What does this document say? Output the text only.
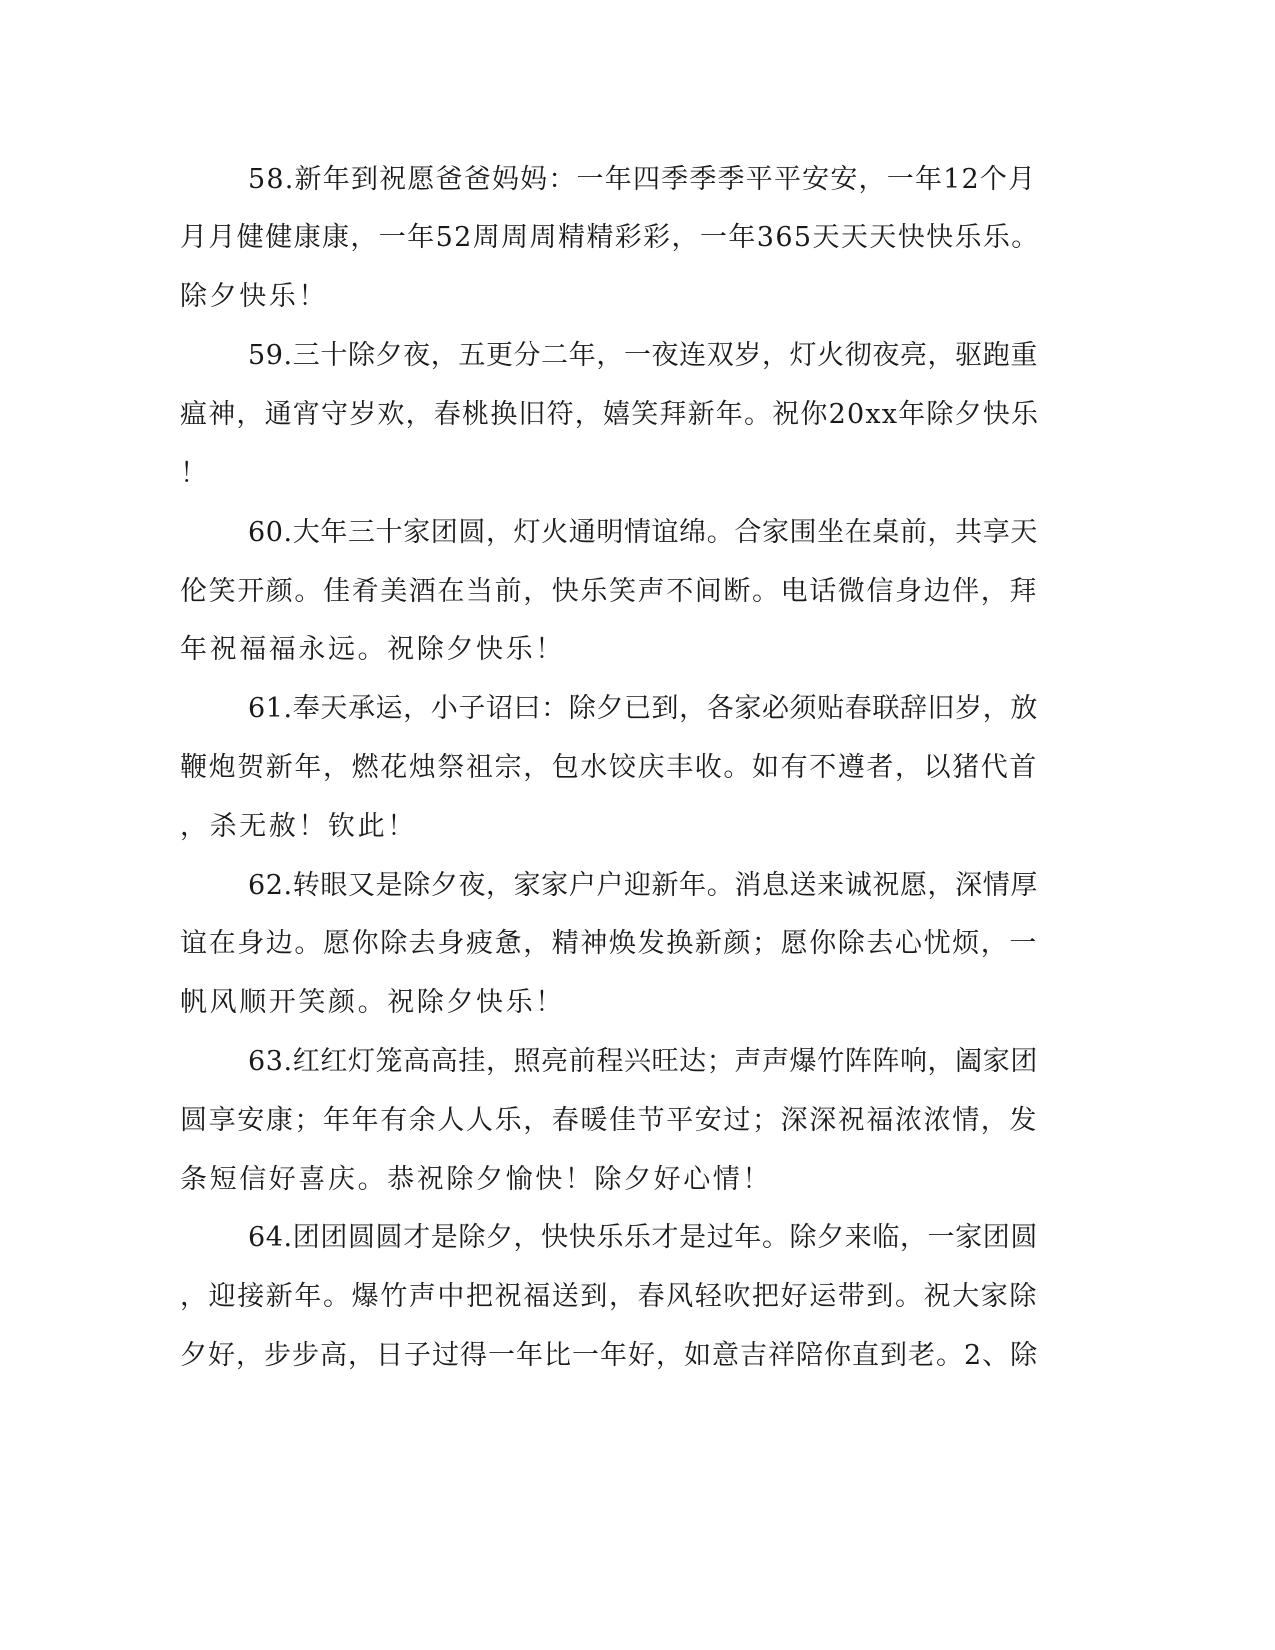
58.新年到祝愿爸爸妈妈：一年四季季季平平安安，一年12个月
月月健健康康，一年52周周周精精彩彩，一年365天天天快快乐乐。
除夕快乐！
59.三十除夕夜，五更分二年，一夜连双岁，灯火彻夜亮，驱跑重
瘟神，通宵守岁欢，春桃换旧符，嬉笑拜新年。祝你20xx年除夕快乐
！
60.大年三十家团圆，灯火通明情谊绵。合家围坐在桌前，共享天
伦笑开颜。佳肴美酒在当前，快乐笑声不间断。电话微信身边伴，拜
年祝福福永远。祝除夕快乐！
61.奉天承运，小子诏曰：除夕已到，各家必须贴春联辞旧岁，放
鞭炮贺新年，燃花烛祭祖宗，包水饺庆丰收。如有不遵者，以猪代首
，杀无赦！钦此！
62.转眼又是除夕夜，家家户户迎新年。消息送来诚祝愿，深情厚
谊在身边。愿你除去身疲惫，精神焕发换新颜；愿你除去心忧烦，一
帆风顺开笑颜。祝除夕快乐！
63.红红灯笼高高挂，照亮前程兴旺达；声声爆竹阵阵响，阖家团
圆享安康；年年有余人人乐，春暖佳节平安过；深深祝福浓浓情，发
条短信好喜庆。恭祝除夕愉快！除夕好心情！
64.团团圆圆才是除夕，快快乐乐才是过年。除夕来临，一家团圆
，迎接新年。爆竹声中把祝福送到，春风轻吹把好运带到。祝大家除
夕好，步步高，日子过得一年比一年好，如意吉祥陪你直到老。2、除
